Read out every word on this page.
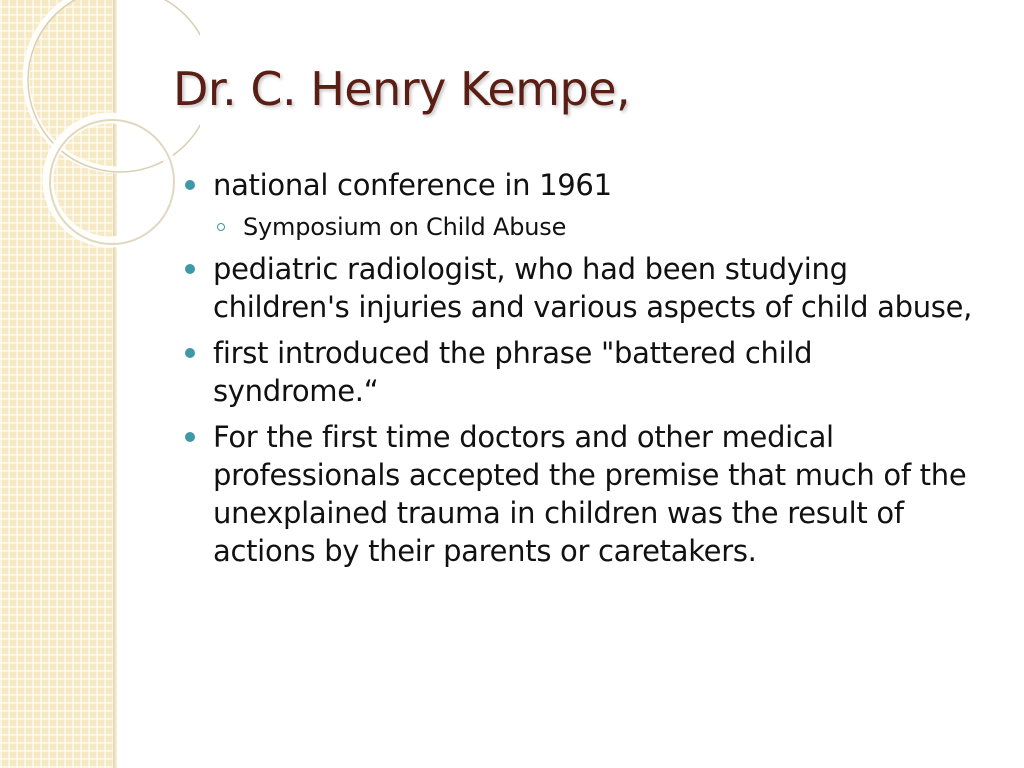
Dr. C. Henry Kempe,
national conference in 1961
Symposium on Child Abuse
pediatric radiologist, who had been studying children's injuries and various aspects of child abuse,
first introduced the phrase "battered child syndrome.“
For the first time doctors and other medical professionals accepted the premise that much of the unexplained trauma in children was the result of actions by their parents or caretakers.
